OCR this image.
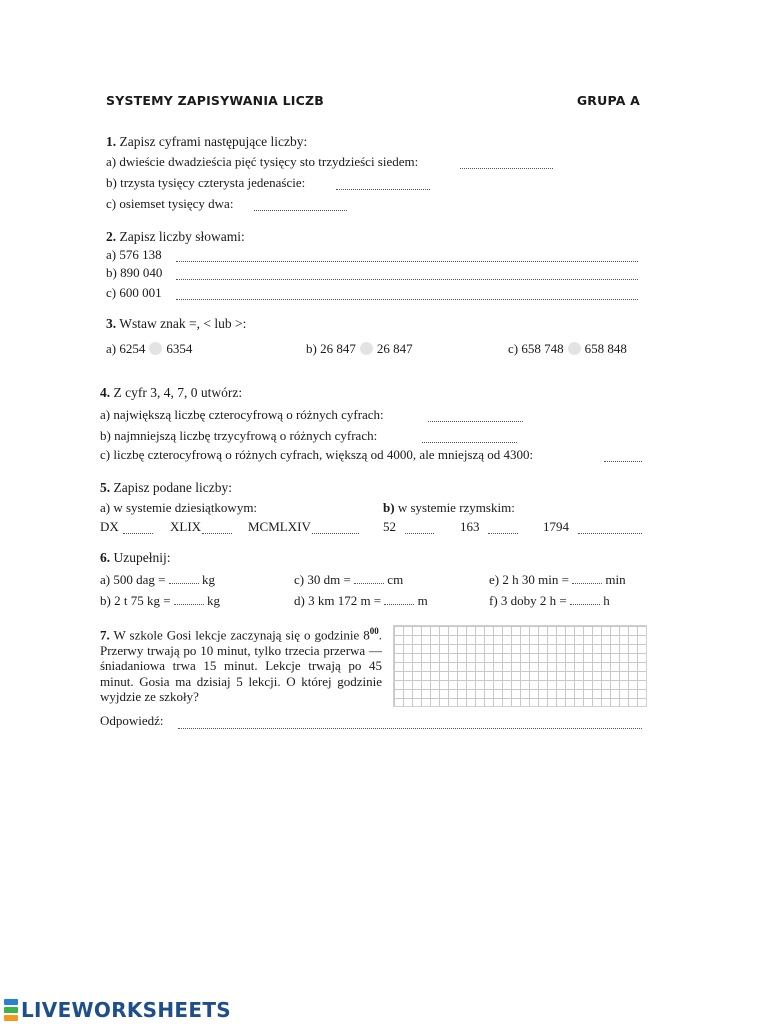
SYSTEMY ZAPISYWANIA LICZB	GRUPA A
1. Zapisz cyframi następujące liczby:
a) dwieście dwadzieścia pięć tysięcy sto trzydzieści siedem:
b) trzysta tysięcy czterysta jedenaście:
c) osiemset tysięcy dwa:
2. Zapisz liczby słowami:
a) 576 138
b) 890 040
c) 600 001
3. Wstaw znak =, < lub >:
a) 6254 6354	b) 26 847 26 847	c) 658 748 658 848
4. Z cyfr 3, 4, 7, 0 utwórz:
a) największą liczbę czterocyfrową o różnych cyfrach:
b) najmniejszą liczbę trzycyfrową o różnych cyfrach:
c) liczbę czterocyfrową o różnych cyfrach, większą od 4000, ale mniejszą od 4300:
5. Zapisz podane liczby:
a) w systemie dziesiątkowym:	b) w systemie rzymskim:
DX	XLIX	MCMLXIV	52	163	1794
6. Uzupełnij:
a) 500 dag =	kg	c) 30 dm =	cm	e) 2 h 30 min =	min
b) 2 t 75 kg =	kg	d) 3 km 172 m =	m	f) 3 doby 2 h =	h
7. W szkole Gosi lekcje zaczynają się o godzinie $8^{00}$. Przerwy trwają po 10 minut, tylko trzecia przerwa — śniadaniowa trwa 15 minut. Lekcje trwają po 45 minut. Gosia ma dzisiaj 5 lekcji. O której godzinie wyjdzie ze szkoły?
Odpowiedź:
LIVEWORKSHEETS
